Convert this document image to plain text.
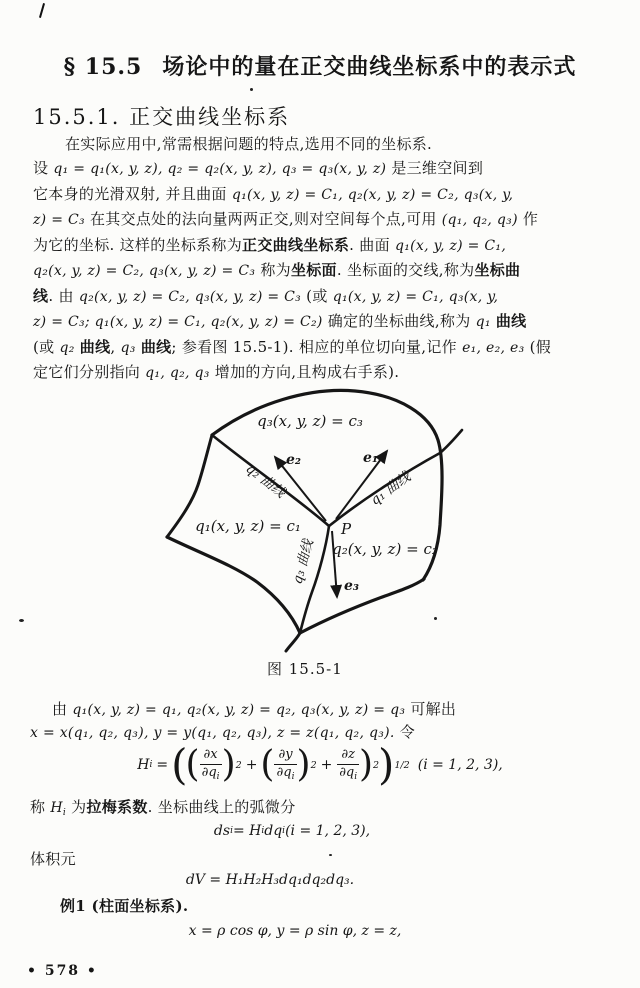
§ 15.5 场论中的量在正交曲线坐标系中的表示式
15.5.1. 正交曲线坐标系
在实际应用中,常需根据问题的特点,选用不同的坐标系.
设 q₁ = q₁(x, y, z), q₂ = q₂(x, y, z), q₃ = q₃(x, y, z) 是三维空间到
它本身的光滑双射, 并且曲面 q₁(x, y, z) = C₁, q₂(x, y, z) = C₂, q₃(x, y,
z) = C₃ 在其交点处的法向量两两正交,则对空间每个点,可用 (q₁, q₂, q₃) 作
为它的坐标. 这样的坐标系称为正交曲线坐标系. 曲面 q₁(x, y, z) = C₁,
q₂(x, y, z) = C₂, q₃(x, y, z) = C₃ 称为坐标面. 坐标面的交线,称为坐标曲
线. 由 q₂(x, y, z) = C₂, q₃(x, y, z) = C₃ (或 q₁(x, y, z) = C₁, q₃(x, y,
z) = C₃; q₁(x, y, z) = C₁, q₂(x, y, z) = C₂) 确定的坐标曲线,称为 q₁ 曲线
(或 q₂ 曲线, q₃ 曲线; 参看图 15.5-1). 相应的单位切向量,记作 e₁, e₂, e₃ (假
定它们分别指向 q₁, q₂, q₃ 增加的方向,且构成右手系).
q₃(x, y, z) = c₃
q₁(x, y, z) = c₁
q₂(x, y, z) = c₂
P
e₂	e₁
e₃
q₂ 曲线	q₁ 曲线
q₃ 曲线
图 15.5-1
由 q₁(x, y, z) = q₁, q₂(x, y, z) = q₂, q₃(x, y, z) = q₃ 可解出
x = x(q₁, q₂, q₃), y = y(q₁, q₂, q₃), z = z(q₁, q₂, q₃). 令
H i = (
( ∂x
$\partial q_i$ ) 2 + ( ∂y
$\partial q_i$ ) $2 + \frac{\partial z}{\partial q_i}$ ) 2 ) 1/2 (i = 1, 2, 3),
称 $H_i$ 为拉梅系数. 坐标曲线上的弧微分
ds i = H i dq i (i = 1, 2, 3),
体积元
dV = H₁H₂H₃dq₁dq₂dq₃.
例1 (柱面坐标系).
x = ρ cos φ, y = ρ sin φ, z = z,
• 578 •
